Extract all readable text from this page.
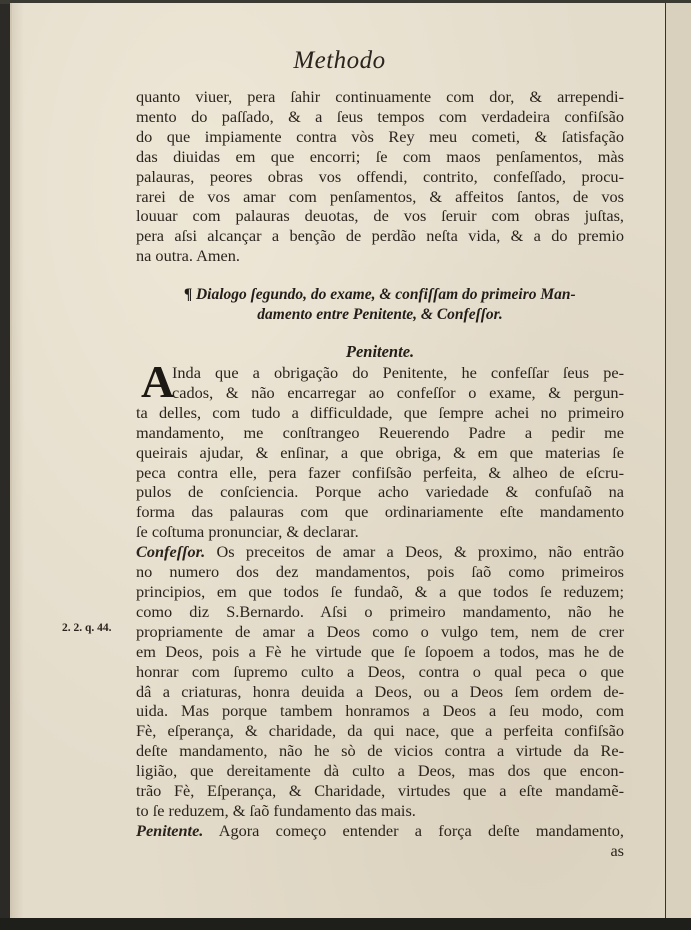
Methodo
quanto viuer, pera ſahir continuamente com dor, & arrependi-
mento do paſſado, & a ſeus tempos com verdadeira confiſsão
do que impiamente contra vòs Rey meu cometi, & ſatisfação
das diuidas em que encorri; ſe com maos penſamentos, màs
palauras, peores obras vos offendi, contrito, confeſſado, procu-
rarei de vos amar com penſamentos, & affeitos ſantos, de vos
louuar com palauras deuotas, de vos ſeruir com obras juſtas,
pera aſsi alcançar a benção de perdão neſta vida, & a do premio
na outra. Amen.
¶ Dialogo ſegundo, do exame, & confiſſam do primeiro Man-
damento entre Penitente, & Confeſſor.
Penitente.
A
Inda que a obrigação do Penitente, he confeſſar ſeus pe-
cados, & não encarregar ao confeſſor o exame, & pergun-
ta delles, com tudo a difficuldade, que ſempre achei no primeiro
mandamento, me conſtrangeo Reuerendo Padre a pedir me
queirais ajudar, & enſinar, a que obriga, & em que materias ſe
peca contra elle, pera fazer confiſsão perfeita, & alheo de eſcru-
pulos de conſciencia. Porque acho variedade & confuſaõ na
forma das palauras com que ordinariamente eſte mandamento
ſe coſtuma pronunciar, & declarar.
Confeſſor. Os preceitos de amar a Deos, & proximo, não entrão
no numero dos dez mandamentos, pois ſaõ como primeiros
principios, em que todos ſe fundaõ, & a que todos ſe reduzem;
como diz S.Bernardo. Aſsi o primeiro mandamento, não he
propriamente de amar a Deos como o vulgo tem, nem de crer
em Deos, pois a Fè he virtude que ſe ſopoem a todos, mas he de
honrar com ſupremo culto a Deos, contra o qual peca o que
dâ a criaturas, honra deuida a Deos, ou a Deos ſem ordem de-
uida. Mas porque tambem honramos a Deos a ſeu modo, com
Fè, eſperança, & charidade, da qui nace, que a perfeita confiſsão
deſte mandamento, não he sò de vicios contra a virtude da Re-
ligião, que dereitamente dà culto a Deos, mas dos que encon-
trão Fè, Eſperança, & Charidade, virtudes que a eſte mandamẽ-
to ſe reduzem, & ſaõ fundamento das mais.
Penitente. Agora começo entender a força deſte mandamento,
as
2. 2. q. 44.
